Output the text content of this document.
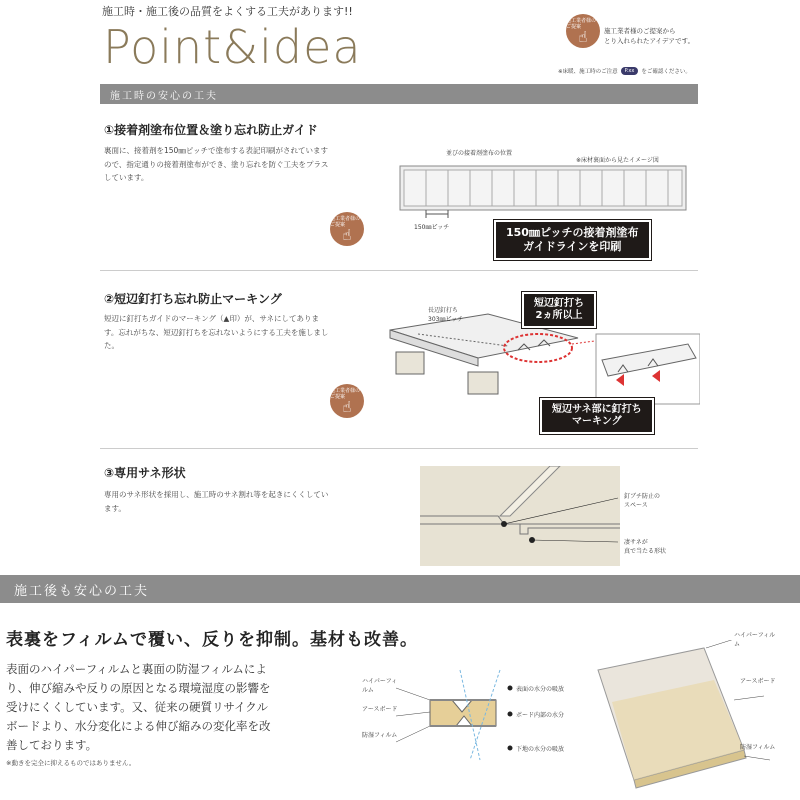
施工時・施工後の品質をよくする工夫があります!!
Point&idea	施工業者様のご提案
☝	施工業者様のご提案から
とり入れられたアイデアです。
※床暖、施工時のご注意	P.xx	をご確認ください。
施工時の安心の工夫
①接着剤塗布位置＆塗り忘れ防止ガイド
裏面に、接着剤を150㎜ピッチで塗布する表記印刷がされていますので、指定通りの接着剤塗布ができ、塗り忘れを防ぐ工夫をプラスしています。
施工業者様のご提案
☝
並びの接着剤塗布の位置
※床材裏面から見たイメージ図
150㎜ピッチ	150㎜ピッチの接着剤塗布
ガイドラインを印刷
②短辺釘打ち忘れ防止マーキング
短辺に釘打ちガイドのマーキング（▲印）が、サネにしてあります。忘れがちな、短辺釘打ちを忘れないようにする工夫を施しました。
施工業者様のご提案
☝
長辺釘打ち
303㎜ピッチ
短辺釘打ち
2ヵ所以上
短辺サネ部に釘打ち
マーキング
③専用サネ形状
専用のサネ形状を採用し、施工時のサネ割れ等を起きにくくしています。
釘ブチ防止の
スペース
凄サネが
真で当たる形状
施工後も安心の工夫
表裏をフィルムで覆い、反りを抑制。基材も改善。
表面のハイパーフィルムと裏面の防湿フィルムにより、伸び縮みや反りの原因となる環境湿度の影響を受けにくくしています。又、従来の硬質リサイクルボードより、水分変化による伸び縮みの変化率を改善しております。
※動きを完全に抑えるものではありません。
ハイパーフィルム
アースボード
防湿フィルム
表面の水分の吸放
ボード内部の水分
下地の水分の吸放
ハイパーフィルム
アースボード
防湿フィルム
